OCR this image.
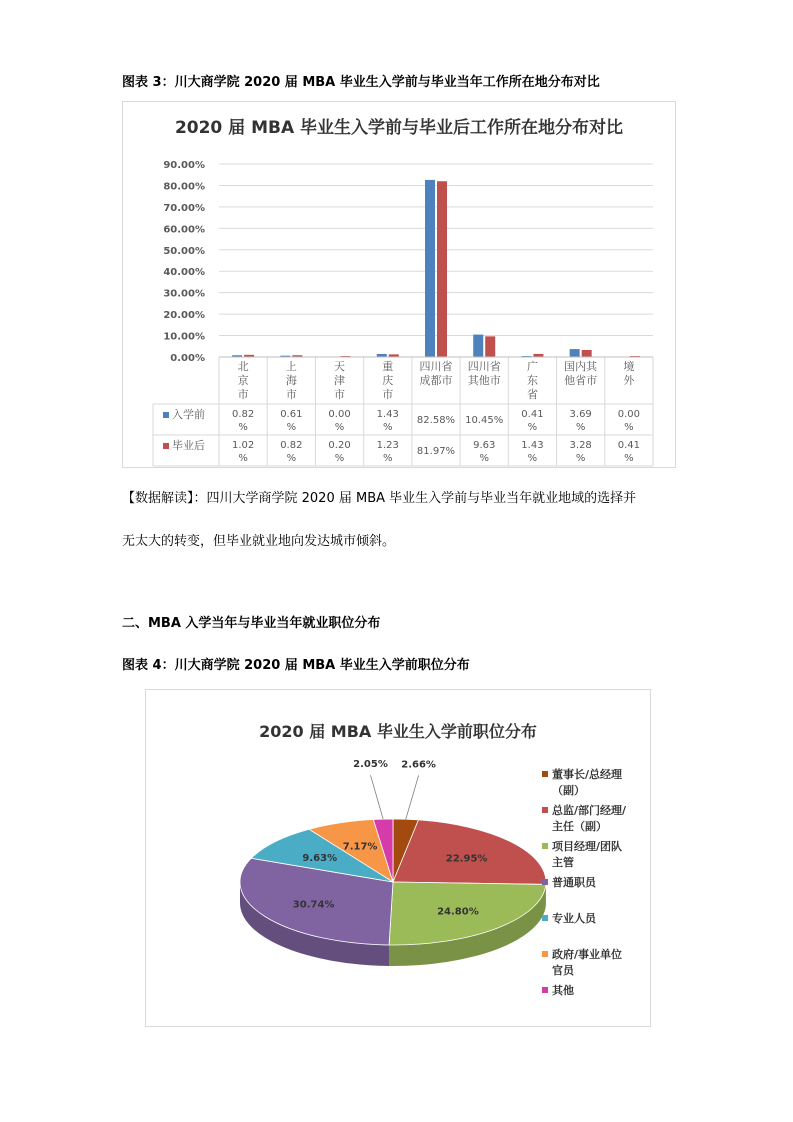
图表 3：川大商学院 2020 届 MBA 毕业生入学前与毕业当年工作所在地分布对比
2020 届 MBA 毕业生入学前与毕业后工作所在地分布对比
0.00%
10.00%
20.00%
30.00%
40.00%
50.00%
60.00%
70.00%
80.00%
90.00%
北
京
市
上
海
市
天
津
市
重
庆
市
四川省
成都市
四川省
其他市
广
东
省
国内其
他省市
境
外
入学前	0.82
%
0.61
%
0.00
%
1.43
%
82.58% 10.45%
0.41
%
3.69
%
0.00
%
毕业后	1.02
%
0.82
%
0.20
%
1.23
%
81.97%
9.63
%
1.43
%
3.28
%
0.41
%
【数据解读】：四川大学商学院 2020 届 MBA 毕业生入学前与毕业当年就业地域的选择并
无太大的转变，但毕业就业地向发达城市倾斜。
二、MBA 入学当年与毕业当年就业职位分布
图表 4：川大商学院 2020 届 MBA 毕业生入学前职位分布
2020 届 MBA 毕业生入学前职位分布
2.66%
22.95%
24.80%
30.74%
9.63%
7.17%
2.05%
董事长/总经理
（副）
总监/部门经理/
主任（副）
项目经理/团队
主管
普通职员
专业人员
政府/事业单位
官员
其他
